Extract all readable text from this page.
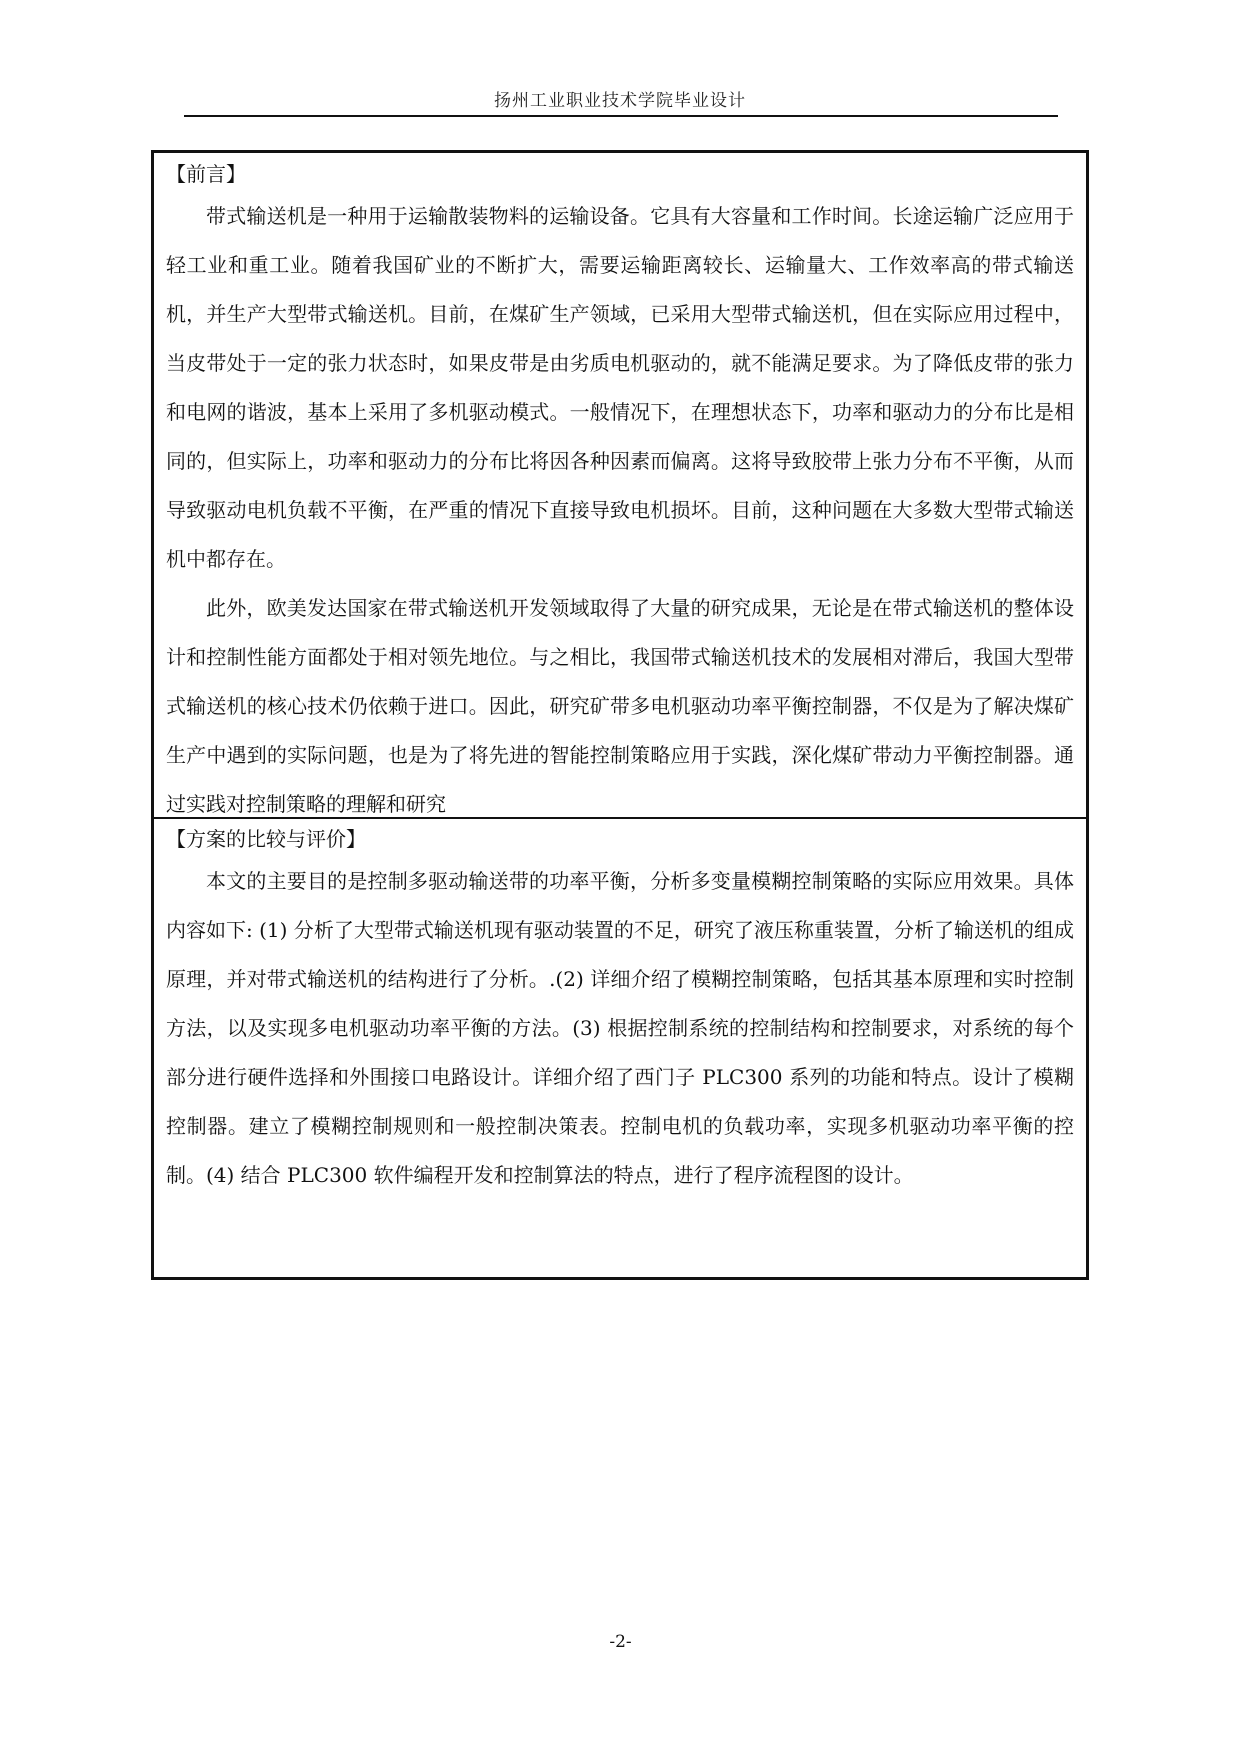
扬州工业职业技术学院毕业设计
【前言】

带式输送机是一种用于运输散装物料的运输设备。它具有大容量和工作时间。长途运输广泛应用于轻工业和重工业。随着我国矿业的不断扩大，需要运输距离较长、运输量大、工作效率高的带式输送机，并生产大型带式输送机。目前，在煤矿生产领域，已采用大型带式输送机，但在实际应用过程中，当皮带处于一定的张力状态时，如果皮带是由劣质电机驱动的，就不能满足要求。为了降低皮带的张力和电网的谐波，基本上采用了多机驱动模式。一般情况下，在理想状态下，功率和驱动力的分布比是相同的，但实际上，功率和驱动力的分布比将因各种因素而偏离。这将导致胶带上张力分布不平衡，从而导致驱动电机负载不平衡，在严重的情况下直接导致电机损坏。目前，这种问题在大多数大型带式输送机中都存在。

此外，欧美发达国家在带式输送机开发领域取得了大量的研究成果，无论是在带式输送机的整体设计和控制性能方面都处于相对领先地位。与之相比，我国带式输送机技术的发展相对滞后，我国大型带式输送机的核心技术仍依赖于进口。因此，研究矿带多电机驱动功率平衡控制器，不仅是为了解决煤矿生产中遇到的实际问题，也是为了将先进的智能控制策略应用于实践，深化煤矿带动力平衡控制器。通过实践对控制策略的理解和研究

【方案的比较与评价】

本文的主要目的是控制多驱动输送带的功率平衡，分析多变量模糊控制策略的实际应用效果。具体内容如下: (1) 分析了大型带式输送机现有驱动装置的不足，研究了液压称重装置，分析了输送机的组成原理，并对带式输送机的结构进行了分析。.(2) 详细介绍了模糊控制策略，包括其基本原理和实时控制方法，以及实现多电机驱动功率平衡的方法。(3) 根据控制系统的控制结构和控制要求，对系统的每个部分进行硬件选择和外围接口电路设计。详细介绍了西门子 PLC300 系列的功能和特点。设计了模糊控制器。建立了模糊控制规则和一般控制决策表。控制电机的负载功率，实现多机驱动功率平衡的控制。(4) 结合 PLC300 软件编程开发和控制算法的特点，进行了程序流程图的设计。

-2-
